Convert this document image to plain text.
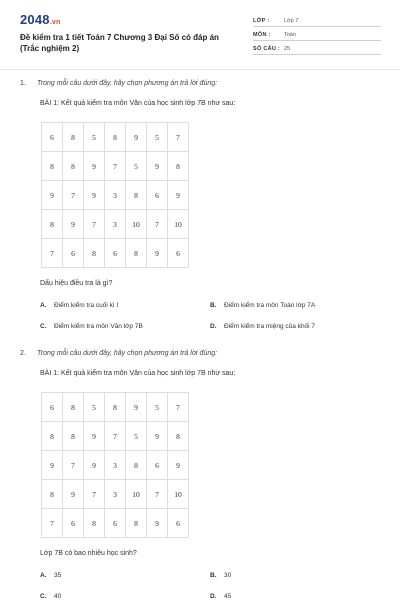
2048.vn
Đề kiểm tra 1 tiết Toán 7 Chương 3 Đại Số có đáp án (Trắc nghiệm 2)
LỚP :	Lớp 7
MÔN : Toán
SỐ CÂU : 25
1. Trong mỗi câu dưới đây, hãy chọn phương án trả lời đúng:
BÀI 1: Kết quả kiểm tra môn Văn của học sinh lớp 7B như sau:
6	8	5	8	9	5	7
8	8	9	7	5	9	8
9	7	9	3	8	6	9
8	9	7	3	10	7	10
7	6	8	6	8	9	6
Dấu hiệu điều tra là gì?
A. Điểm kiểm tra cuối kì I	B. Điểm kiểm tra môn Toán lớp 7A
C. Điểm kiểm tra môn Văn lớp 7B	D. Điểm kiểm tra miệng của khối 7
2. Trong mỗi câu dưới đây, hãy chọn phương án trả lời đúng:
BÀI 1: Kết quả kiểm tra môn Văn của học sinh lớp 7B như sau:
6	8	5	8	9	5	7
8	8	9	7	5	9	8
9	7	9	3	8	6	9
8	9	7	3	10	7	10
7	6	8	6	8	9	6
Lớp 7B có bao nhiêu học sinh?
A. 35	B. 30
C. 40	D. 45
